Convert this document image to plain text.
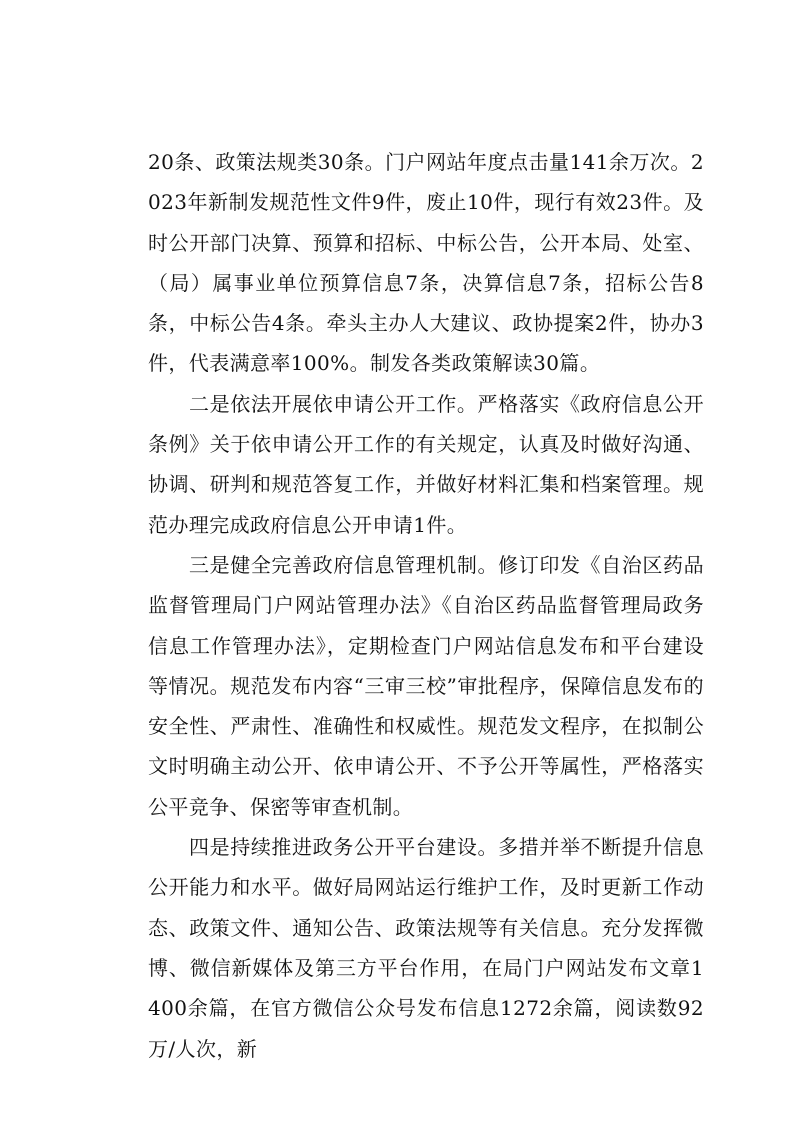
20条、政策法规类30条。门户网站年度点击量141余万次。2023年新制发规范性文件9件，废止10件，现行有效23件。及时公开部门决算、预算和招标、中标公告，公开本局、处室、（局）属事业单位预算信息7条，决算信息7条，招标公告8条，中标公告4条。牵头主办人大建议、政协提案2件，协办3件，代表满意率100%。制发各类政策解读30篇。

二是依法开展依申请公开工作。严格落实《政府信息公开条例》关于依申请公开工作的有关规定，认真及时做好沟通、协调、研判和规范答复工作，并做好材料汇集和档案管理。规范办理完成政府信息公开申请1件。

三是健全完善政府信息管理机制。修订印发《自治区药品监督管理局门户网站管理办法》《自治区药品监督管理局政务信息工作管理办法》，定期检查门户网站信息发布和平台建设等情况。规范发布内容“三审三校”审批程序，保障信息发布的安全性、严肃性、准确性和权威性。规范发文程序，在拟制公文时明确主动公开、依申请公开、不予公开等属性，严格落实公平竞争、保密等审查机制。

四是持续推进政务公开平台建设。多措并举不断提升信息公开能力和水平。做好局网站运行维护工作，及时更新工作动态、政策文件、通知公告、政策法规等有关信息。充分发挥微博、微信新媒体及第三方平台作用，在局门户网站发布文章1400余篇，在官方微信公众号发布信息1272余篇，阅读数92万/人次，新
